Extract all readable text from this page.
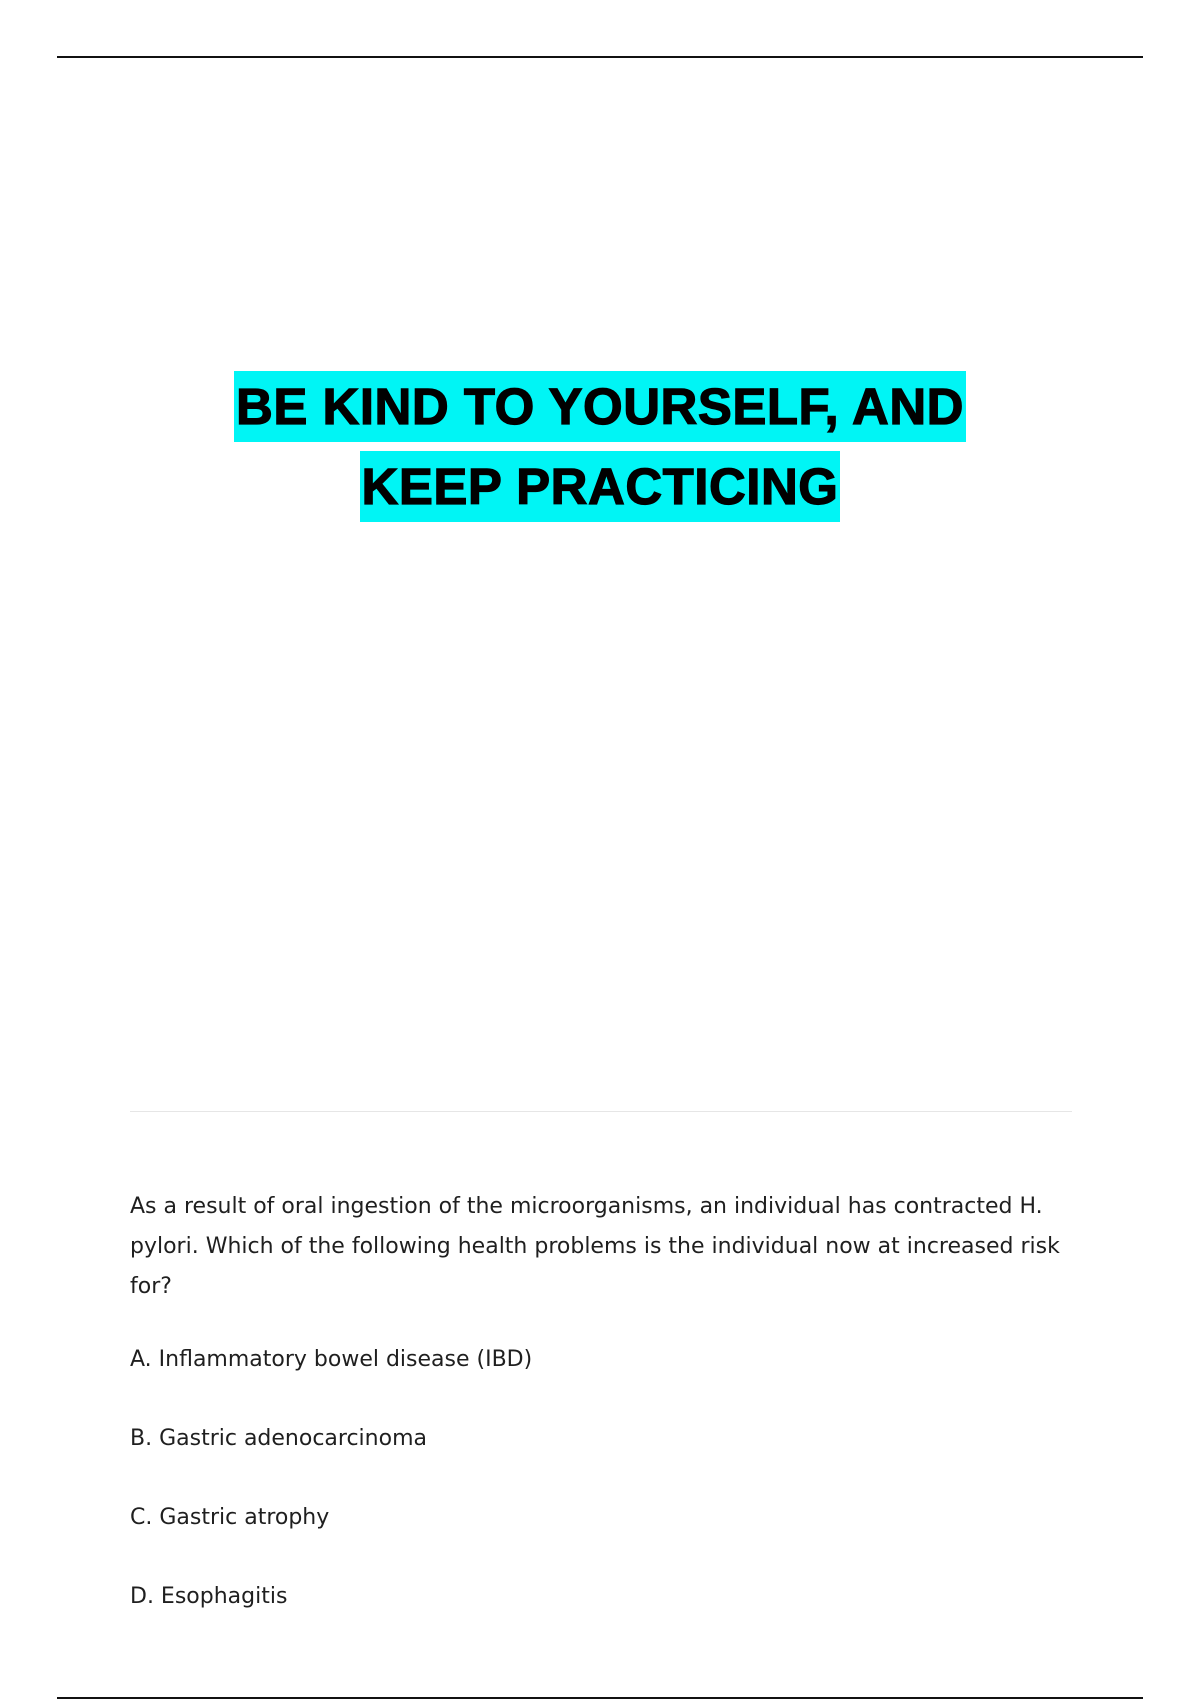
BE KIND TO YOURSELF, AND
KEEP PRACTICING

As a result of oral ingestion of the microorganisms, an individual has contracted H. pylori. Which of the following health problems is the individual now at increased risk for?

A. Inflammatory bowel disease (IBD)
B. Gastric adenocarcinoma
C. Gastric atrophy
D. Esophagitis
